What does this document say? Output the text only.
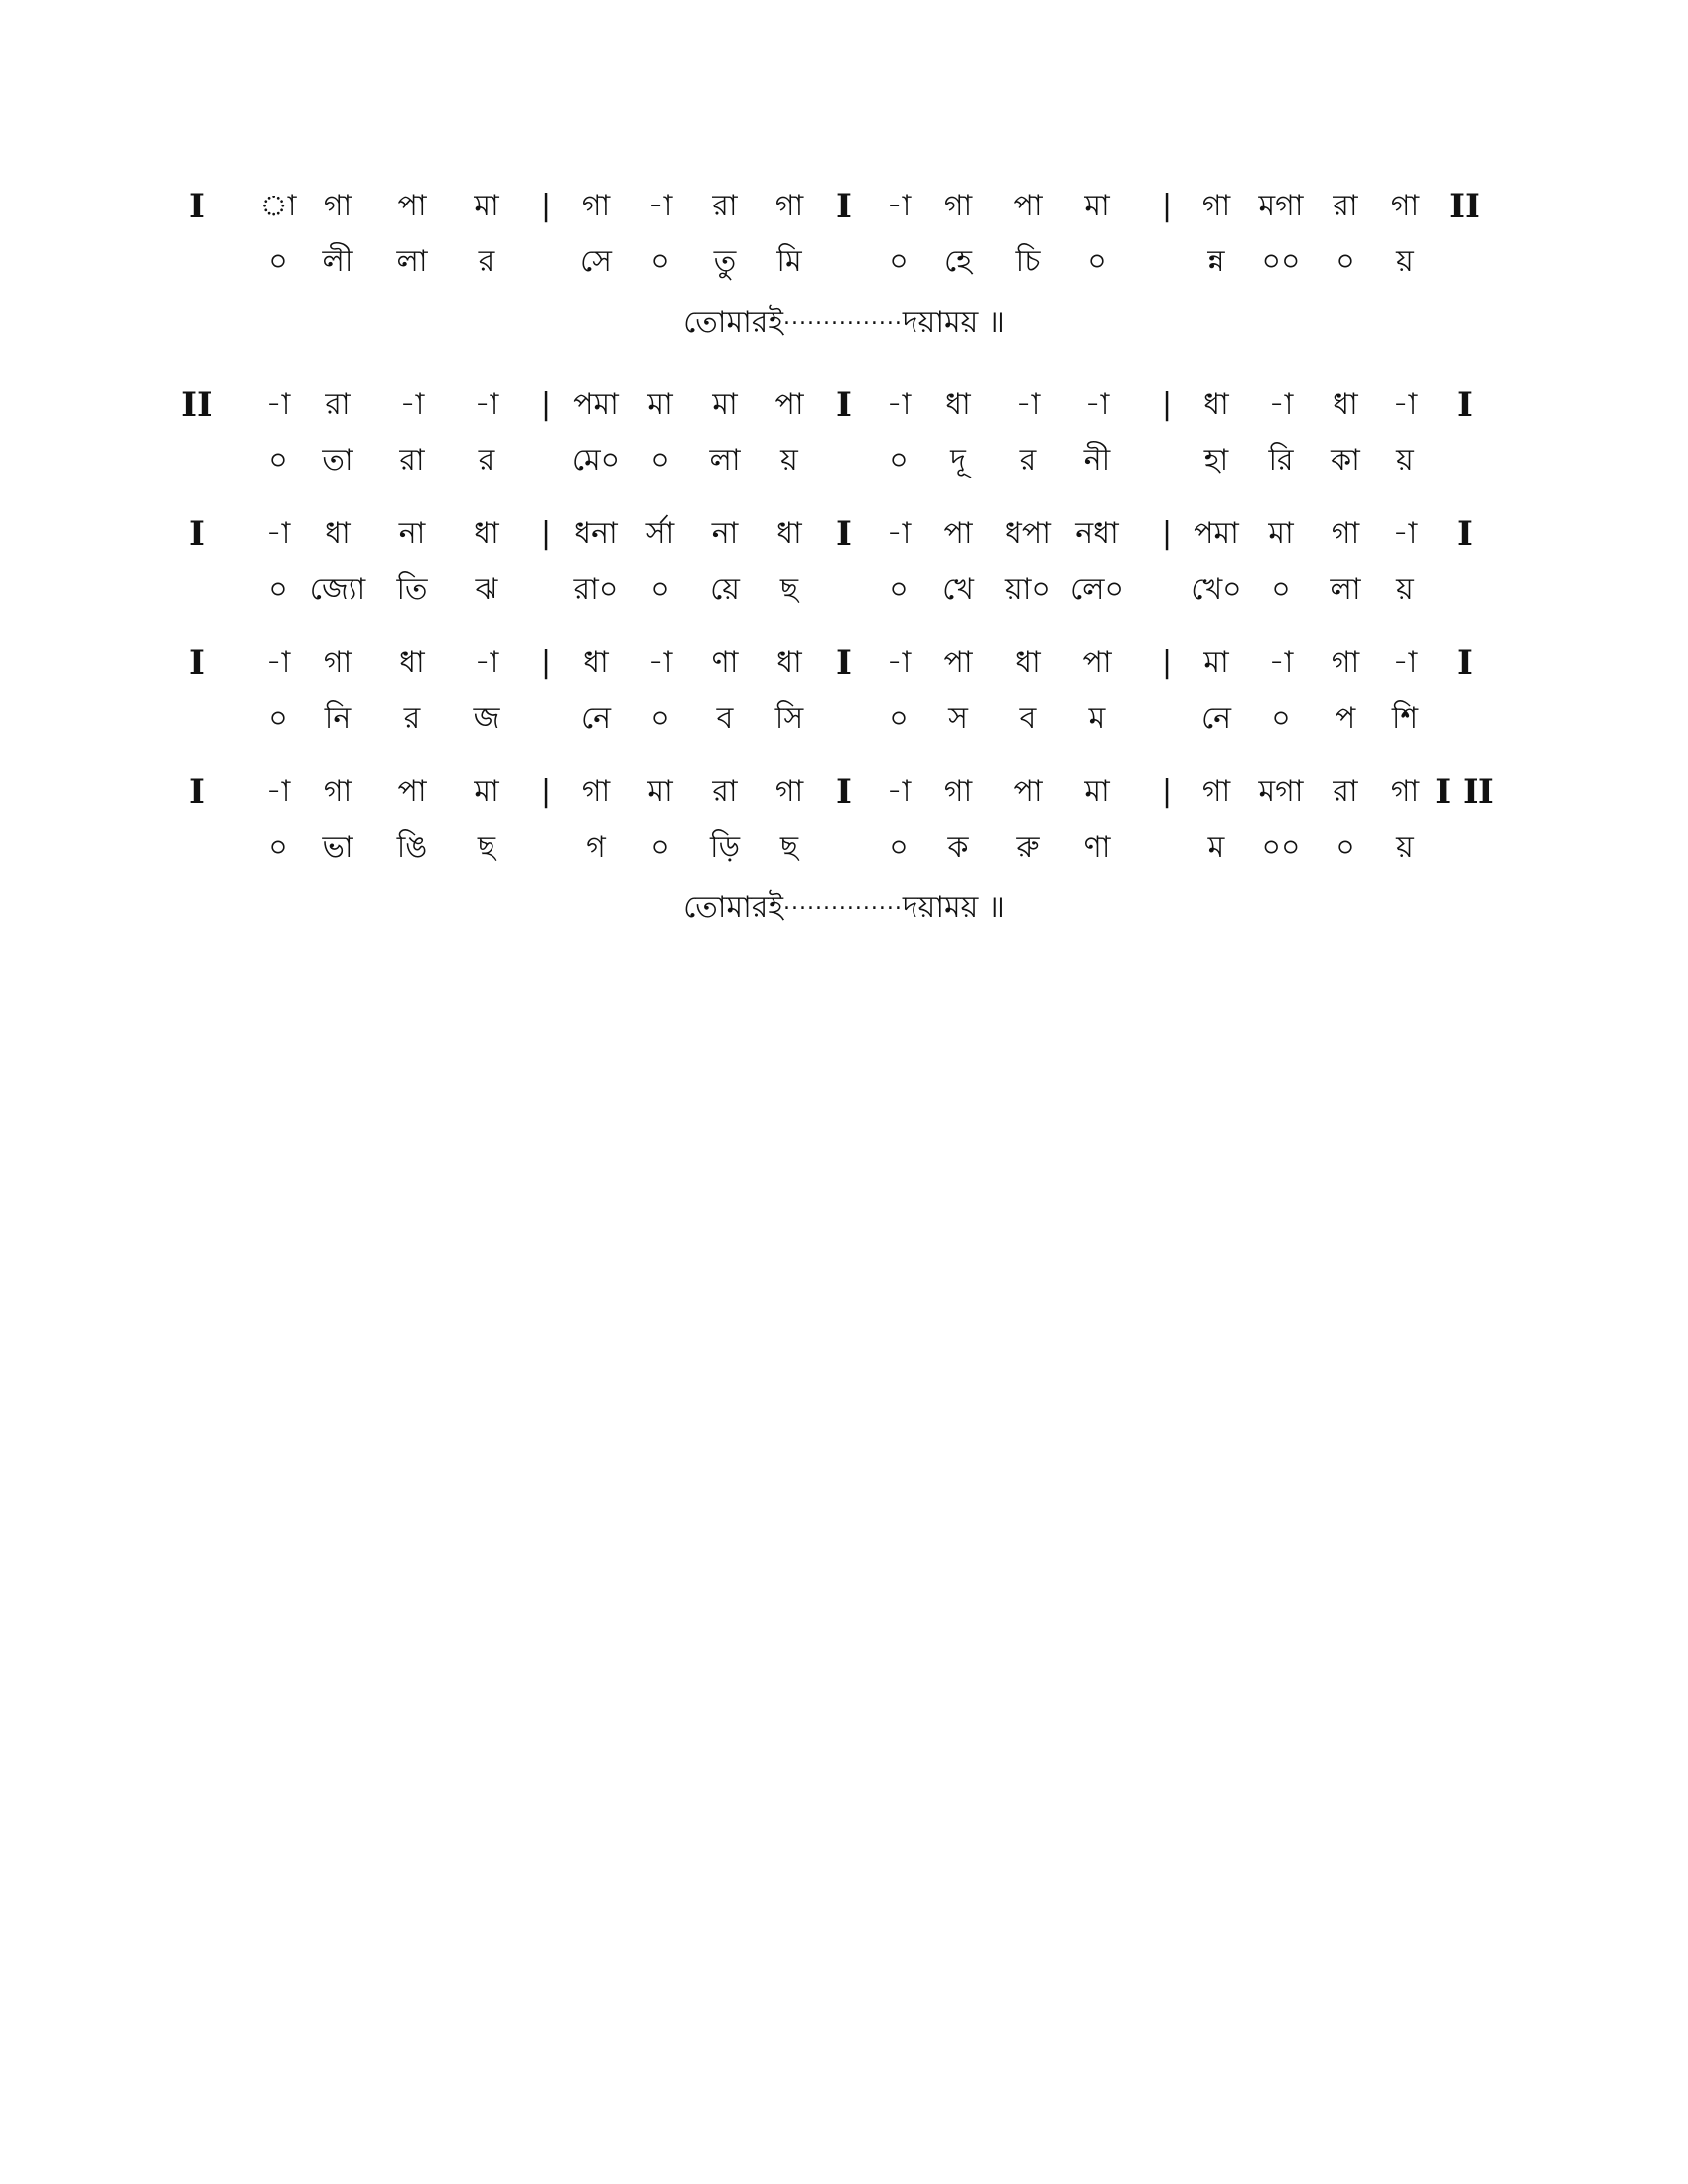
I া গা পা মা | গা -া রা গা I -া গা পা মা | গা মগা রা গা II
০ লী লা র	সে ০ তু মি	০ হে চি ০	ন্ন ০০ ০ য়
তোমারই...............দয়াময় ॥
II -া রা -া -া | পমা মা মা পা I -া ধা -া -া | ধা -া ধা -া I
০ তা রা র	মে০ ০ লা য়	০ দূ র নী	হা রি কা য়
I -া ধা না ধা | ধনা র্সা না ধা I -া পা ধপা নধা | পমা মা গা -া I
০ জ্যো তি ঝ	রা০ ০ য়ে ছ	০ খে য়া০ লে০ খে০ ০ লা য়
I -া গা ধা -া | ধা -া ণা ধা I -া পা ধা পা | মা -া গা -া I
০ নি র জ	নে ০ ব সি	০ স ব ম	নে ০ প শি
I -া গা পা মা | গা মা রা গা I -া গা পা মা | গা মগা রা গা I II
০ ভা ঙি ছ	গ ০ ড়ি ছ	০ ক রু ণা	ম ০০ ০ য়
তোমারই...............দয়াময় ॥
